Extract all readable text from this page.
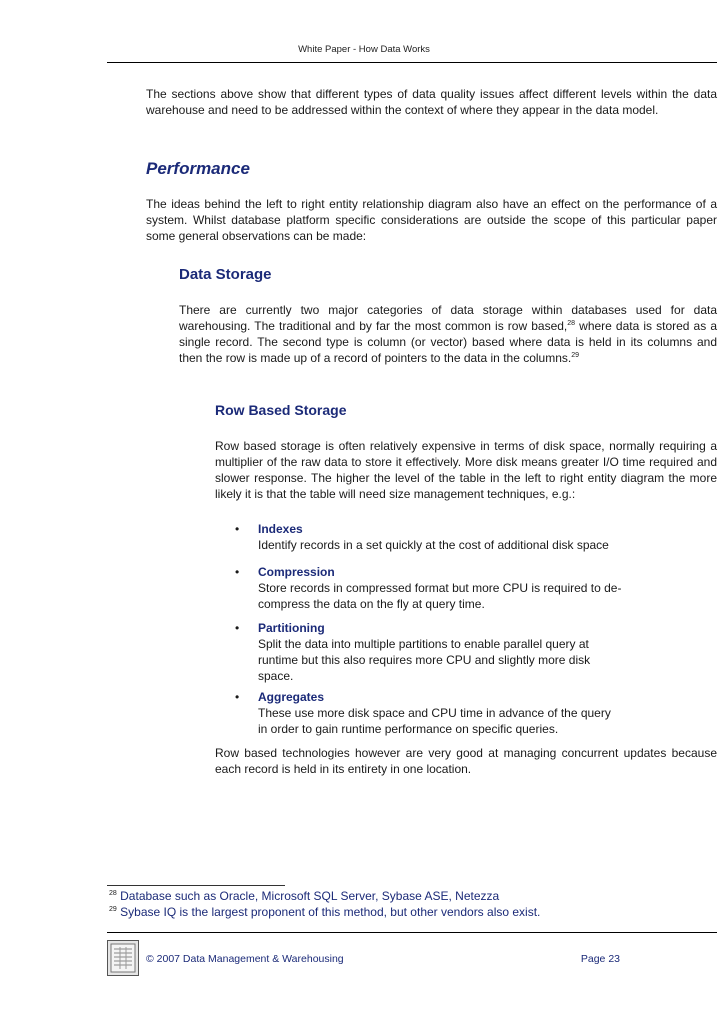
White Paper - How Data Works

The sections above show that different types of data quality issues affect different levels within the data warehouse and need to be addressed within the context of where they appear in the data model.

Performance

The ideas behind the left to right entity relationship diagram also have an effect on the performance of a system. Whilst database platform specific considerations are outside the scope of this particular paper some general observations can be made:

Data Storage

There are currently two major categories of data storage within databases used for data warehousing. The traditional and by far the most common is row based,$^{28}$ where data is stored as a single record. The second type is column (or vector) based where data is held in its columns and then the row is made up of a record of pointers to the data in the columns.$^{29}$

Row Based Storage

Row based storage is often relatively expensive in terms of disk space, normally requiring a multiplier of the raw data to store it effectively. More disk means greater I/O time required and slower response. The higher the level of the table in the left to right entity diagram the more likely it is that the table will need size management techniques, e.g.:

• Indexes
Identify records in a set quickly at the cost of additional disk space
• Compression
Store records in compressed format but more CPU is required to de-compress the data on the fly at query time.
• Partitioning
Split the data into multiple partitions to enable parallel query at runtime but this also requires more CPU and slightly more disk space.
• Aggregates
These use more disk space and CPU time in advance of the query in order to gain runtime performance on specific queries.

Row based technologies however are very good at managing concurrent updates because each record is held in its entirety in one location.

$^{28}$ Database such as Oracle, Microsoft SQL Server, Sybase ASE, Netezza
$^{29}$ Sybase IQ is the largest proponent of this method, but other vendors also exist.
© 2007 Data Management & Warehousing	Page 23
